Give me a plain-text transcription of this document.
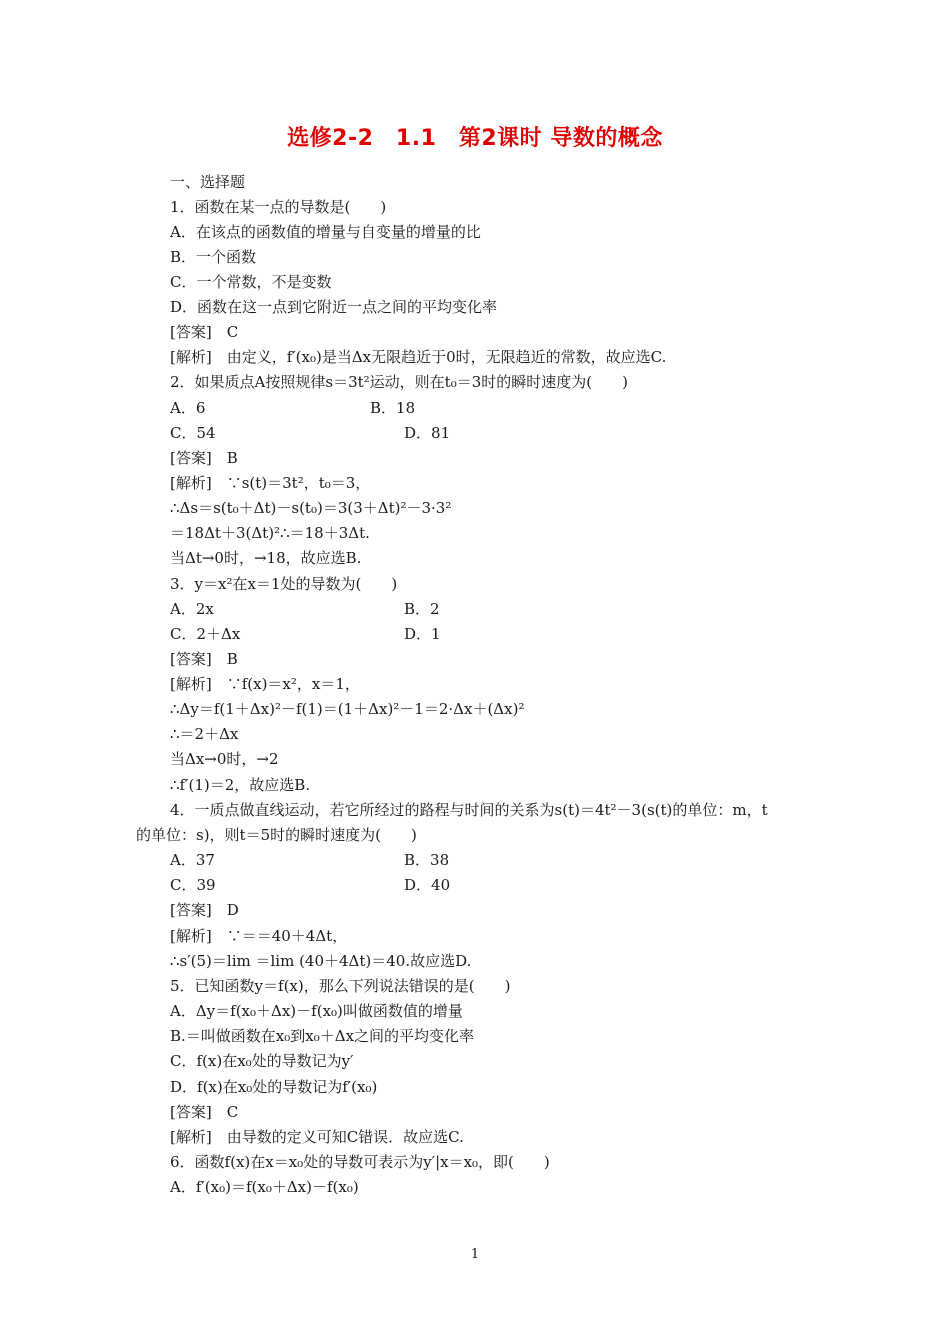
选修2-2　1.1　第2课时 导数的概念
一、选择题
1．函数在某一点的导数是(　　)
A．在该点的函数值的增量与自变量的增量的比
B．一个函数
C．一个常数，不是变数
D．函数在这一点到它附近一点之间的平均变化率
[答案]　C
[解析]　由定义，f′(x₀)是当Δx无限趋近于0时，无限趋近的常数，故应选C.
2．如果质点A按照规律s＝3t²运动，则在t₀＝3时的瞬时速度为(　　)
A．6	B．18
C．54	D．81
[答案]　B
[解析]　∵s(t)＝3t²，t₀＝3，
∴Δs＝s(t₀＋Δt)－s(t₀)＝3(3＋Δt)²－3·3²
＝18Δt＋3(Δt)²∴＝18＋3Δt.
当Δt→0时，→18，故应选B.
3．y＝x²在x＝1处的导数为(　　)
A．2x	B．2
C．2＋Δx	D．1
[答案]　B
[解析]　∵f(x)＝x²，x＝1，
∴Δy＝f(1＋Δx)²－f(1)＝(1＋Δx)²－1＝2·Δx＋(Δx)²
∴＝2＋Δx
当Δx→0时，→2
∴f′(1)＝2，故应选B.
4．一质点做直线运动，若它所经过的路程与时间的关系为s(t)＝4t²－3(s(t)的单位：m，t
的单位：s)，则t＝5时的瞬时速度为(　　)
A．37	B．38
C．39	D．40
[答案]　D
[解析]　∵＝＝40＋4Δt，
∴s′(5)＝lim ＝lim (40＋4Δt)＝40.故应选D.
5．已知函数y＝f(x)，那么下列说法错误的是(　　)
A．Δy＝f(x₀＋Δx)－f(x₀)叫做函数值的增量
B.＝叫做函数在x₀到x₀＋Δx之间的平均变化率
C．f(x)在x₀处的导数记为y′
D．f(x)在x₀处的导数记为f′(x₀)
[答案]　C
[解析]　由导数的定义可知C错误．故应选C.
6．函数f(x)在x＝x₀处的导数可表示为y′|x＝x₀，即(　　)
A．f′(x₀)＝f(x₀＋Δx)－f(x₀)
1
